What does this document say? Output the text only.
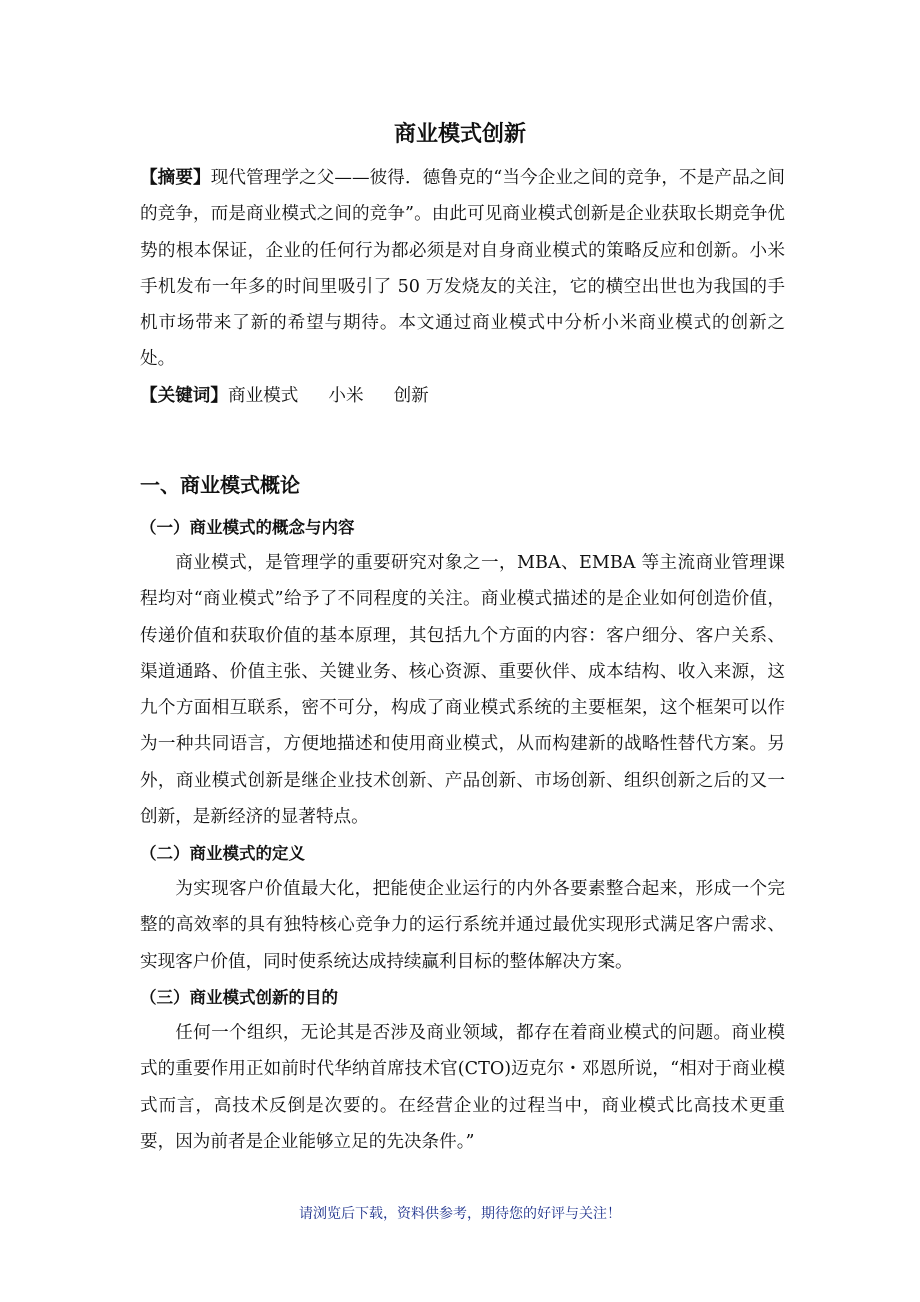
商业模式创新
【摘要】现代管理学之父——彼得．德鲁克的“当今企业之间的竞争，不是产品之间的竞争，而是商业模式之间的竞争”。由此可见商业模式创新是企业获取长期竞争优势的根本保证，企业的任何行为都必须是对自身商业模式的策略反应和创新。小米手机发布一年多的时间里吸引了 50 万发烧友的关注，它的横空出世也为我国的手机市场带来了新的希望与期待。本文通过商业模式中分析小米商业模式的创新之处。
【关键词】商业模式 小米 创新
一、商业模式概论
（一）商业模式的概念与内容
商业模式，是管理学的重要研究对象之一，MBA、EMBA 等主流商业管理课程均对“商业模式”给予了不同程度的关注。商业模式描述的是企业如何创造价值，传递价值和获取价值的基本原理，其包括九个方面的内容：客户细分、客户关系、渠道通路、价值主张、关键业务、核心资源、重要伙伴、成本结构、收入来源，这九个方面相互联系，密不可分，构成了商业模式系统的主要框架，这个框架可以作为一种共同语言，方便地描述和使用商业模式，从而构建新的战略性替代方案。另外，商业模式创新是继企业技术创新、产品创新、市场创新、组织创新之后的又一创新，是新经济的显著特点。
（二）商业模式的定义
为实现客户价值最大化，把能使企业运行的内外各要素整合起来，形成一个完整的高效率的具有独特核心竞争力的运行系统并通过最优实现形式满足客户需求、实现客户价值，同时使系统达成持续赢利目标的整体解决方案。
（三）商业模式创新的目的
任何一个组织，无论其是否涉及商业领域，都存在着商业模式的问题。商业模式的重要作用正如前时代华纳首席技术官(CTO)迈克尔・邓恩所说，“相对于商业模式而言，高技术反倒是次要的。在经营企业的过程当中，商业模式比高技术更重要，因为前者是企业能够立足的先决条件。”
请浏览后下载，资料供参考，期待您的好评与关注！
